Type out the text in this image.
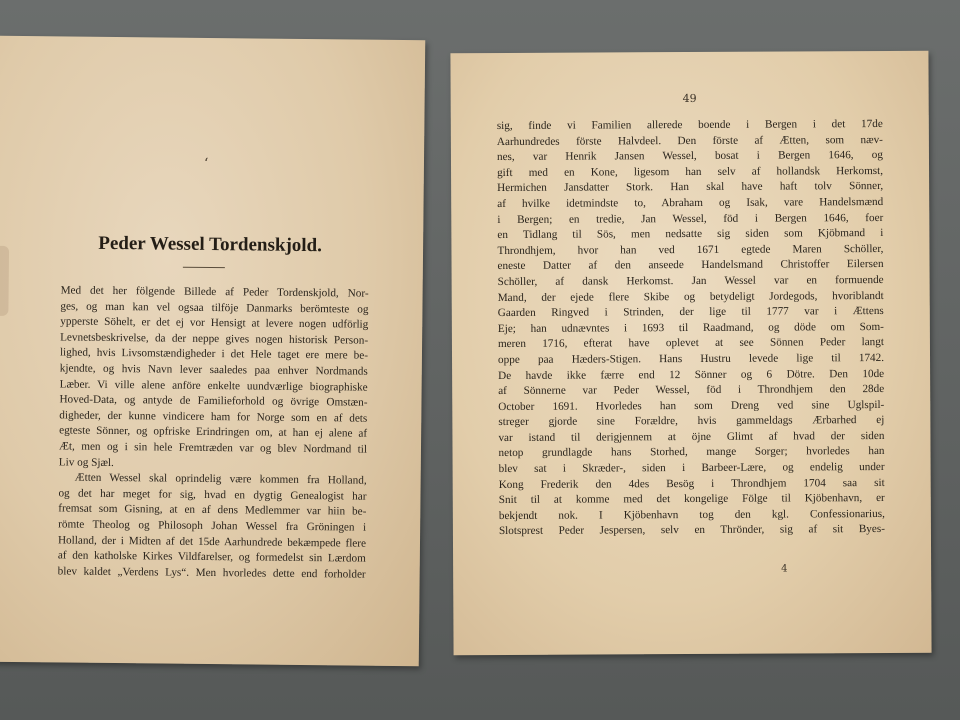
‘
Peder Wessel Tordenskjold.
Med det her fölgende Billede af Peder Tordenskjold, Nor-
ges, og man kan vel ogsaa tilföje Danmarks berömteste og
ypperste Söhelt, er det ej vor Hensigt at levere nogen udförlig
Levnetsbeskrivelse, da der neppe gives nogen historisk Person-
lighed, hvis Livsomstændigheder i det Hele taget ere mere be-
kjendte, og hvis Navn lever saaledes paa enhver Nordmands
Læber. Vi ville alene anföre enkelte uundværlige biographiske
Hoved-Data, og antyde de Familieforhold og övrige Omstæn-
digheder, der kunne vindicere ham for Norge som en af dets
egteste Sönner, og opfriske Erindringen om, at han ej alene af
Æt, men og i sin hele Fremtræden var og blev Nordmand til
Liv og Sjæl.
Ætten Wessel skal oprindelig være kommen fra Holland,
og det har meget for sig, hvad en dygtig Genealogist har
fremsat som Gisning, at en af dens Medlemmer var hiin be-
römte Theolog og Philosoph Johan Wessel fra Gröningen i
Holland, der i Midten af det 15de Aarhundrede bekæmpede flere
af den katholske Kirkes Vildfarelser, og formedelst sin Lærdom
blev kaldet „Verdens Lys“. Men hvorledes dette end forholder
49
sig, finde vi Familien allerede boende i Bergen i det 17de
Aarhundredes förste Halvdeel. Den förste af Ætten, som næv-
nes, var Henrik Jansen Wessel, bosat i Bergen 1646, og
gift med en Kone, ligesom han selv af hollandsk Herkomst,
Hermichen Jansdatter Stork. Han skal have haft tolv Sönner,
af hvilke idetmindste to, Abraham og Isak, vare Handelsmænd
i Bergen; en tredie, Jan Wessel, föd i Bergen 1646, foer
en Tidlang til Sös, men nedsatte sig siden som Kjöbmand i
Throndhjem, hvor han ved 1671 egtede Maren Schöller,
eneste Datter af den anseede Handelsmand Christoffer Eilersen
Schöller, af dansk Herkomst. Jan Wessel var en formuende
Mand, der ejede flere Skibe og betydeligt Jordegods, hvoriblandt
Gaarden Ringved i Strinden, der lige til 1777 var i Ættens
Eje; han udnævntes i 1693 til Raadmand, og döde om Som-
meren 1716, efterat have oplevet at see Sönnen Peder langt
oppe paa Hæders-Stigen. Hans Hustru levede lige til 1742.
De havde ikke færre end 12 Sönner og 6 Dötre. Den 10de
af Sönnerne var Peder Wessel, föd i Throndhjem den 28de
October 1691. Hvorledes han som Dreng ved sine Uglspil-
streger gjorde sine Forældre, hvis gammeldags Ærbarhed ej
var istand til derigjennem at öjne Glimt af hvad der siden
netop grundlagde hans Storhed, mange Sorger; hvorledes han
blev sat i Skræder-, siden i Barbeer-Lære, og endelig under
Kong Frederik den 4des Besög i Throndhjem 1704 saa sit
Snit til at komme med det kongelige Fölge til Kjöbenhavn, er
bekjendt nok. I Kjöbenhavn tog den kgl. Confessionarius,
Slotsprest Peder Jespersen, selv en Thrönder, sig af sit Byes-
4
